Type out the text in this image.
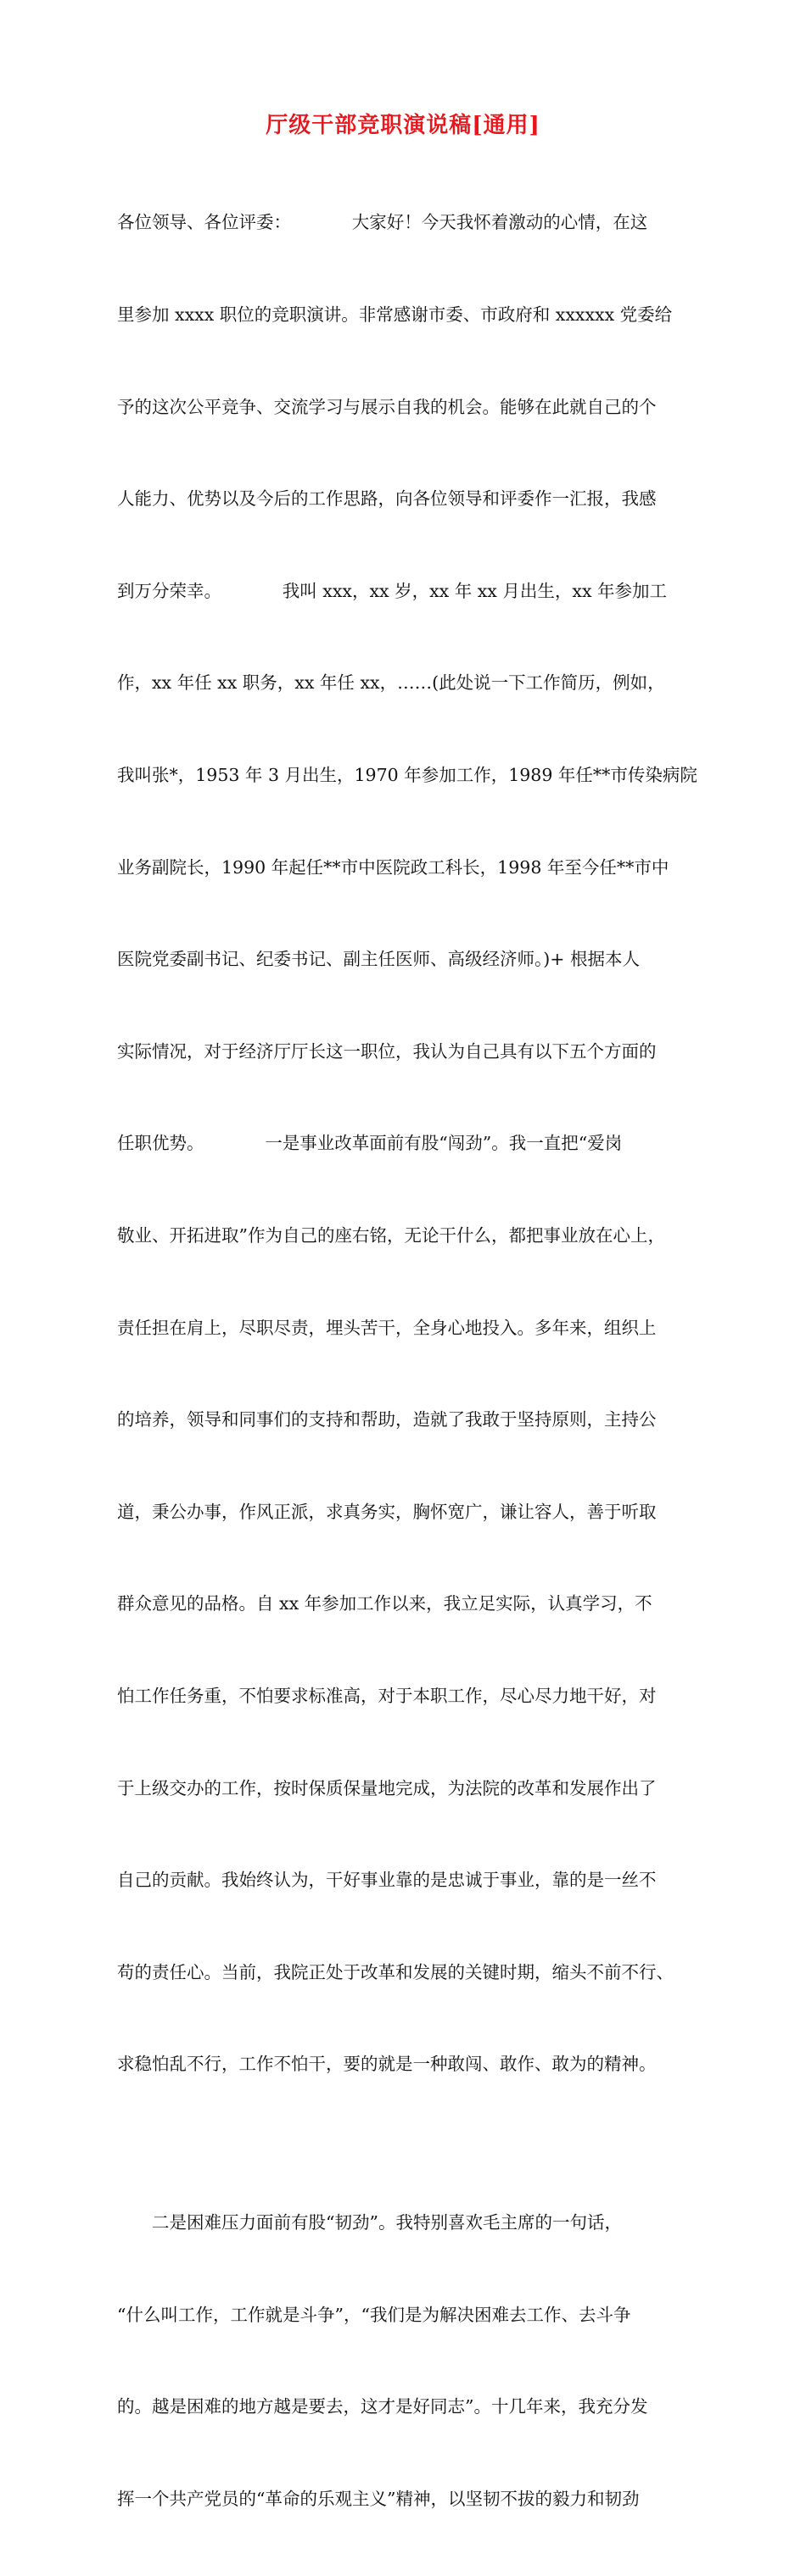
厅级干部竞职演说稿[通用]

各位领导、各位评委：　　　　大家好！今天我怀着激动的心情，在这

里参加 xxxx 职位的竞职演讲。非常感谢市委、市政府和 xxxxxx 党委给

予的这次公平竞争、交流学习与展示自我的机会。能够在此就自己的个

人能力、优势以及今后的工作思路，向各位领导和评委作一汇报，我感

到万分荣幸。　　　　我叫 xxx，xx 岁，xx 年 xx 月出生，xx 年参加工

作，xx 年任 xx 职务，xx 年任 xx，……(此处说一下工作简历，例如，

我叫张*，1953 年 3 月出生，1970 年参加工作，1989 年任**市传染病院

业务副院长，1990 年起任**市中医院政工科长，1998 年至今任**市中

医院党委副书记、纪委书记、副主任医师、高级经济师。)+ 根据本人

实际情况，对于经济厅厅长这一职位，我认为自己具有以下五个方面的

任职优势。　　　　一是事业改革面前有股“闯劲”。我一直把“爱岗

敬业、开拓进取”作为自己的座右铭，无论干什么，都把事业放在心上，

责任担在肩上，尽职尽责，埋头苦干，全身心地投入。多年来，组织上

的培养，领导和同事们的支持和帮助，造就了我敢于坚持原则，主持公

道，秉公办事，作风正派，求真务实，胸怀宽广，谦让容人，善于听取

群众意见的品格。自 xx 年参加工作以来，我立足实际，认真学习，不

怕工作任务重，不怕要求标准高，对于本职工作，尽心尽力地干好，对

于上级交办的工作，按时保质保量地完成，为法院的改革和发展作出了

自己的贡献。我始终认为，干好事业靠的是忠诚于事业，靠的是一丝不

苟的责任心。当前，我院正处于改革和发展的关键时期，缩头不前不行、

求稳怕乱不行，工作不怕干，要的就是一种敢闯、敢作、敢为的精神。

　　二是困难压力面前有股“韧劲”。我特别喜欢毛主席的一句话，

“什么叫工作，工作就是斗争”，“我们是为解决困难去工作、去斗争

的。越是困难的地方越是要去，这才是好同志”。十几年来，我充分发

挥一个共产党员的“革命的乐观主义”精神，以坚韧不拔的毅力和韧劲
